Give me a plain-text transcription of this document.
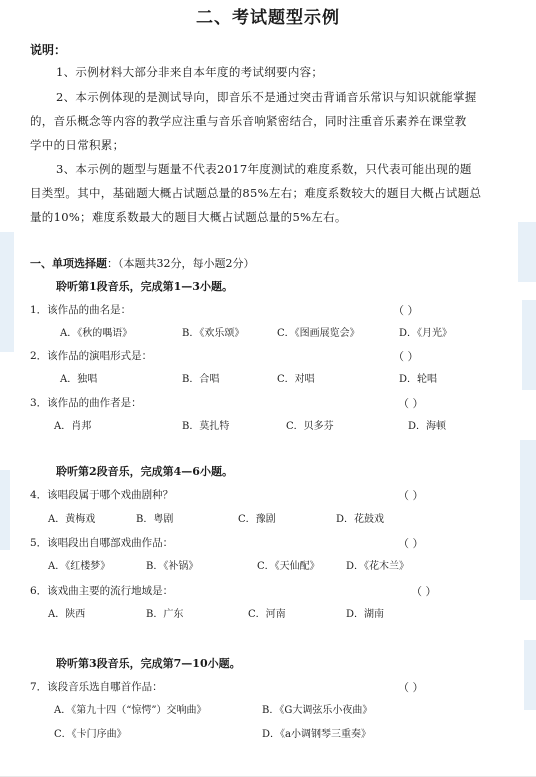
二、考试题型示例
说明：
1、示例材料大部分非来自本年度的考试纲要内容；
2、本示例体现的是测试导向，即音乐不是通过突击背诵音乐常识与知识就能掌握
的，音乐概念等内容的教学应注重与音乐音响紧密结合，同时注重音乐素养在课堂教
学中的日常积累；
3、本示例的题型与题量不代表2017年度测试的难度系数，只代表可能出现的题
目类型。其中，基础题大概占试题总量的85%左右；难度系数较大的题目大概占试题总
量的10%；难度系数最大的题目大概占试题总量的5%左右。
一、单项选择题：（本题共32分，每小题2分）
聆听第1段音乐，完成第1—3小题。
1．该作品的曲名是：	（ ）
A．《秋的喁语》	B．《欢乐颂》	C．《图画展览会》	D．《月光》
2．该作品的演唱形式是：	（ ）
A．独唱	B．合唱	C．对唱	D．轮唱
3．该作品的曲作者是：	（ ）
A．肖邦	B．莫扎特	C．贝多芬	D．海顿
聆听第2段音乐，完成第4—6小题。
4．该唱段属于哪个戏曲剧种？	（ ）
A．黄梅戏	B．粤剧	C．豫剧	D．花鼓戏
5．该唱段出自哪部戏曲作品：	（ ）
A．《红楼梦》	B．《补锅》	C．《天仙配》	D．《花木兰》
6．该戏曲主要的流行地域是：	（ ）
A．陕西	B．广东	C．河南	D．湖南
聆听第3段音乐，完成第7—10小题。
7．该段音乐选自哪首作品：	（ ）
A．《第九十四（“惊愕”）交响曲》	B．《G大调弦乐小夜曲》
C．《卡门序曲》	D．《a小调钢琴三重奏》
